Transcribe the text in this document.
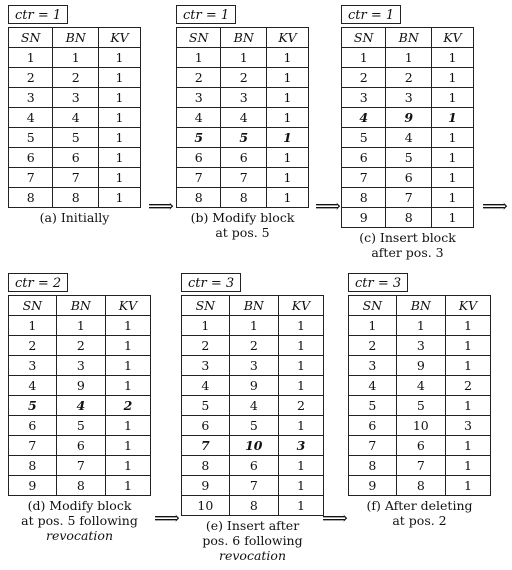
ctr = 1
SN	BN	KV
1	1	1
2	2	1
3	3	1
4	4	1
5	5	1
6	6	1
7	7	1
8	8	1
(a) Initially
ctr = 1
SN	BN	KV
1	1	1
2	2	1
3	3	1
4	4	1
5	5	1
6	6	1
7	7	1
8	8	1
(b) Modify block
at pos. 5
ctr = 1
SN	BN	KV
1	1	1
2	2	1
3	3	1
4	9	1
5	4	1
6	5	1
7	6	1
8	7	1
9	8	1
(c) Insert block
after pos. 3
ctr = 2
SN	BN	KV
1	1	1
2	2	1
3	3	1
4	9	1
5	4	2
6	5	1
7	6	1
8	7	1
9	8	1
(d) Modify block
at pos. 5 following
revocation
ctr = 3
SN	BN	KV
1	1	1
2	2	1
3	3	1
4	9	1
5	4	2
6	5	1
7	10	3
8	6	1
9	7	1
10	8	1
(e) Insert after
pos. 6 following
revocation
ctr = 3
SN	BN	KV
1	1	1
2	3	1
3	9	1
4	4	2
5	5	1
6	10	3
7	6	1
8	7	1
9	8	1
(f) After deleting
at pos. 2
⟹	⟹	⟹
⟹	⟹
